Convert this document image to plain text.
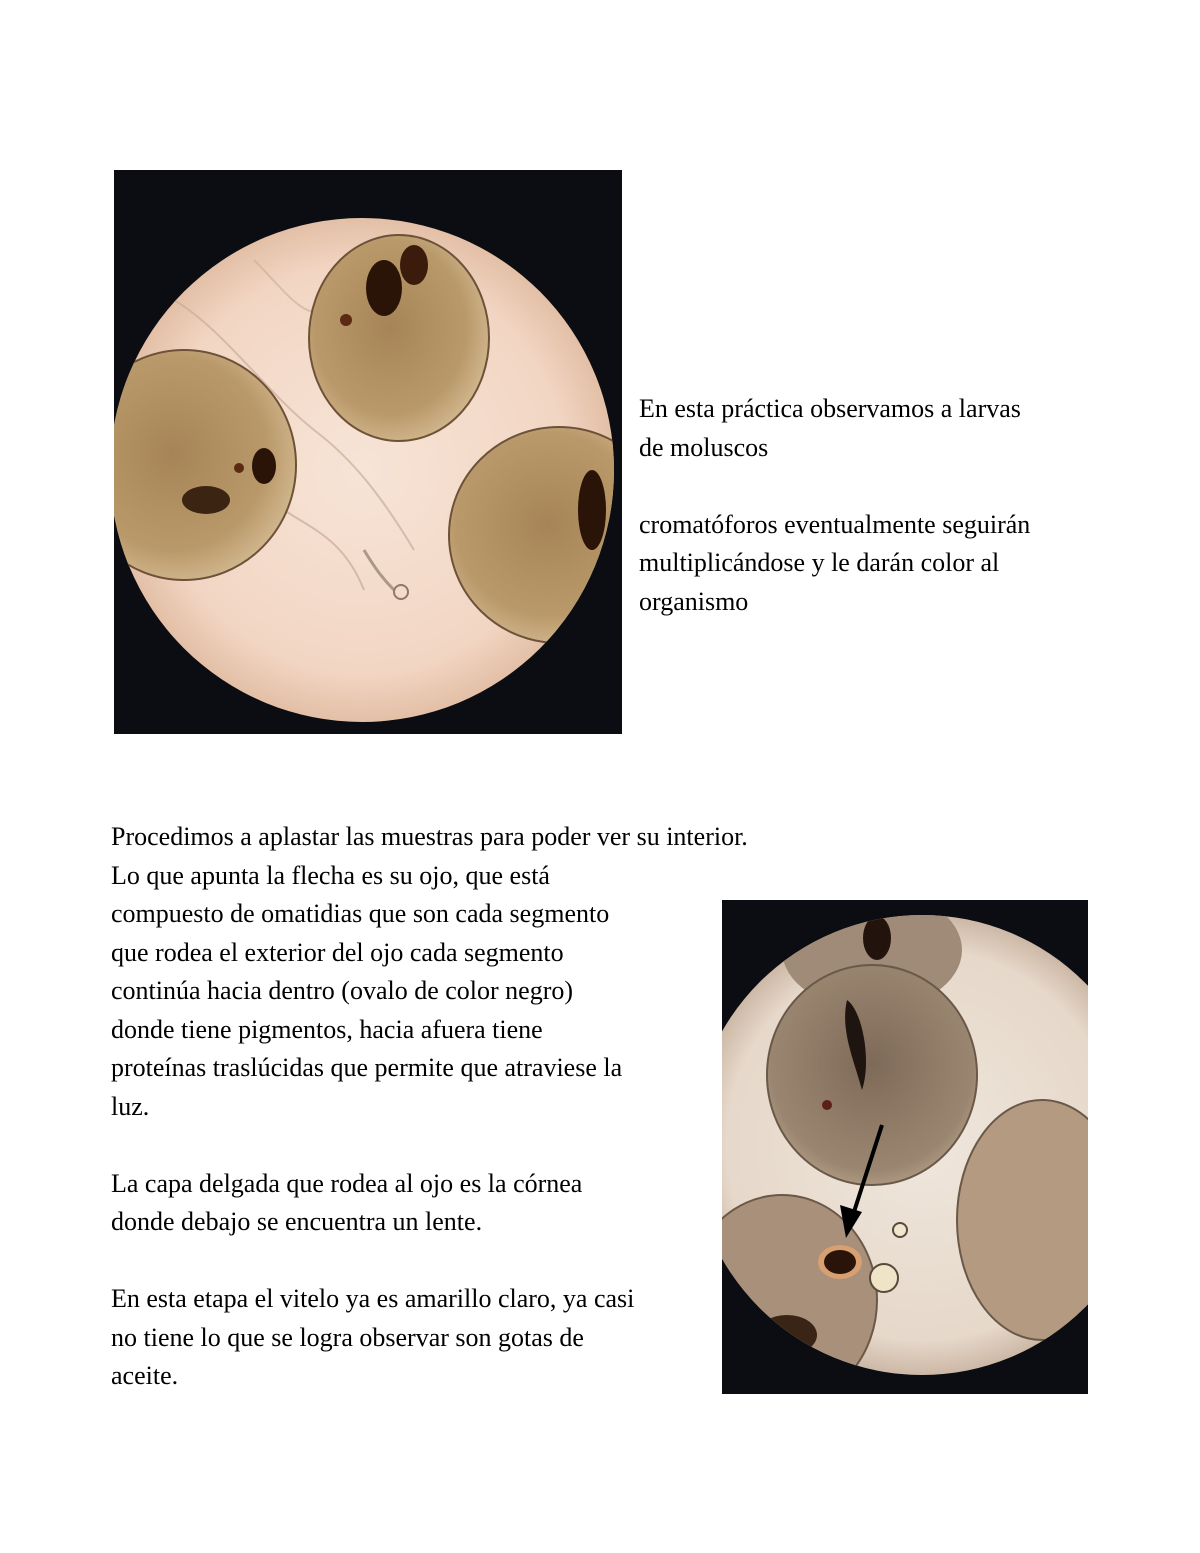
En esta práctica observamos a larvas
de moluscos
cromatóforos eventualmente seguirán
multiplicándose y le darán color al
organismo
Procedimos a aplastar las muestras para poder ver su interior.
Lo que apunta la flecha es su ojo, que está
compuesto de omatidias que son cada segmento
que rodea el exterior del ojo cada segmento
continúa hacia dentro (ovalo de color negro)
donde tiene pigmentos, hacia afuera tiene
proteínas traslúcidas que permite que atraviese la
luz.
La capa delgada que rodea al ojo es la córnea
donde debajo se encuentra un lente.
En esta etapa el vitelo ya es amarillo claro, ya casi
no tiene lo que se logra observar son gotas de
aceite.
